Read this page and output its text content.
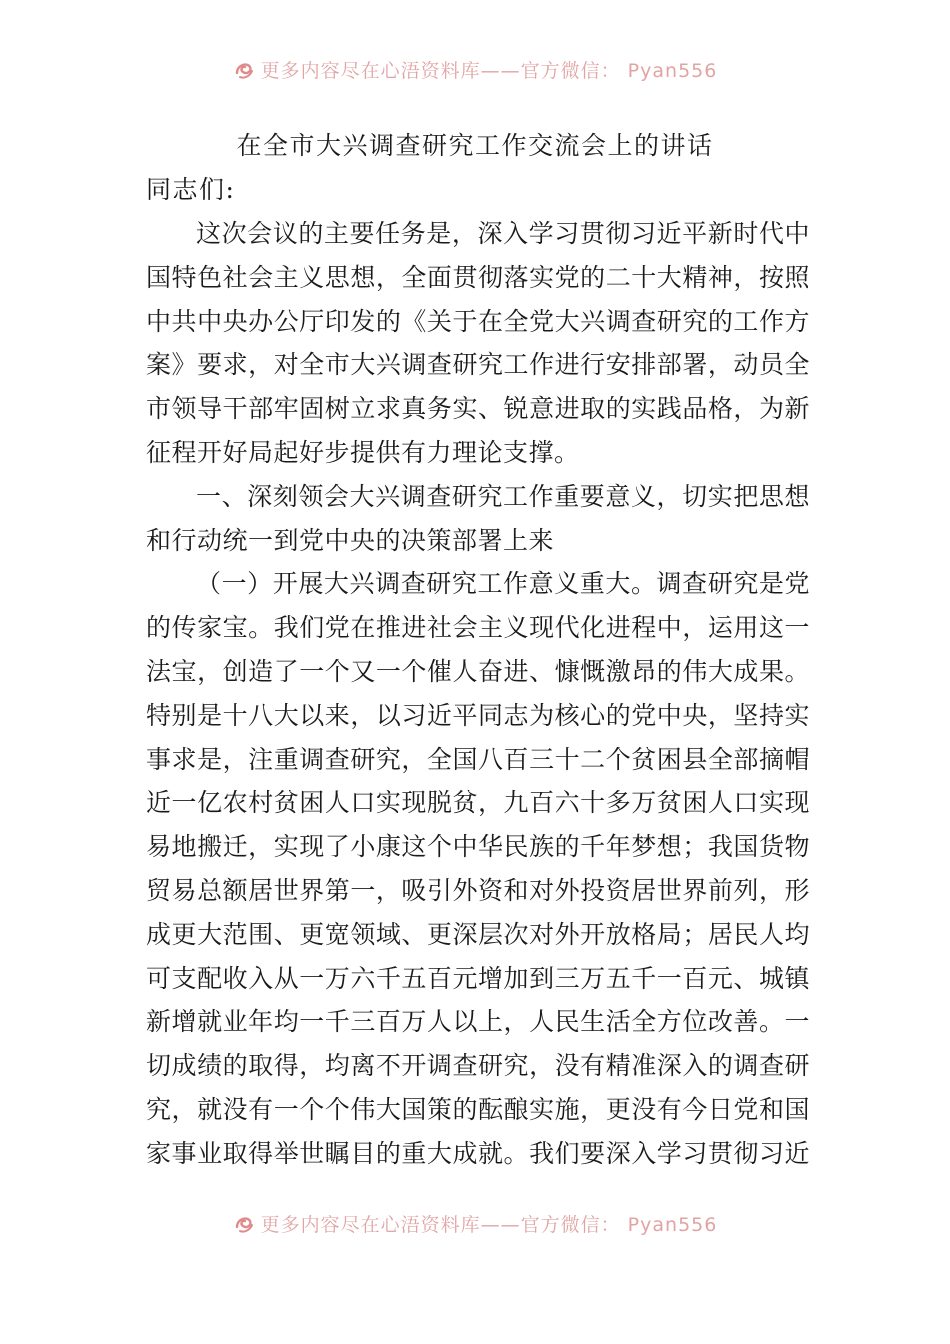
更多内容尽在心浯资料库——官方微信： Pyan556
在全市大兴调查研究工作交流会上的讲话
同志们:
这次会议的主要任务是，深入学习贯彻习近平新时代中
国特色社会主义思想，全面贯彻落实党的二十大精神，按照
中共中央办公厅印发的《关于在全党大兴调查研究的工作方
案》要求，对全市大兴调查研究工作进行安排部署，动员全
市领导干部牢固树立求真务实、锐意进取的实践品格，为新
征程开好局起好步提供有力理论支撑。
一、深刻领会大兴调查研究工作重要意义，切实把思想
和行动统一到党中央的决策部署上来
（一）开展大兴调查研究工作意义重大。调查研究是党
的传家宝。我们党在推进社会主义现代化进程中，运用这一
法宝，创造了一个又一个催人奋进、慷慨激昂的伟大成果。
特别是十八大以来，以习近平同志为核心的党中央，坚持实
事求是，注重调查研究，全国八百三十二个贫困县全部摘帽
近一亿农村贫困人口实现脱贫，九百六十多万贫困人口实现
易地搬迁，实现了小康这个中华民族的千年梦想；我国货物
贸易总额居世界第一，吸引外资和对外投资居世界前列，形
成更大范围、更宽领域、更深层次对外开放格局；居民人均
可支配收入从一万六千五百元增加到三万五千一百元、城镇
新增就业年均一千三百万人以上，人民生活全方位改善。一
切成绩的取得，均离不开调查研究，没有精准深入的调查研
究，就没有一个个伟大国策的酝酿实施，更没有今日党和国
家事业取得举世瞩目的重大成就。我们要深入学习贯彻习近
更多内容尽在心浯资料库——官方微信： Pyan556
